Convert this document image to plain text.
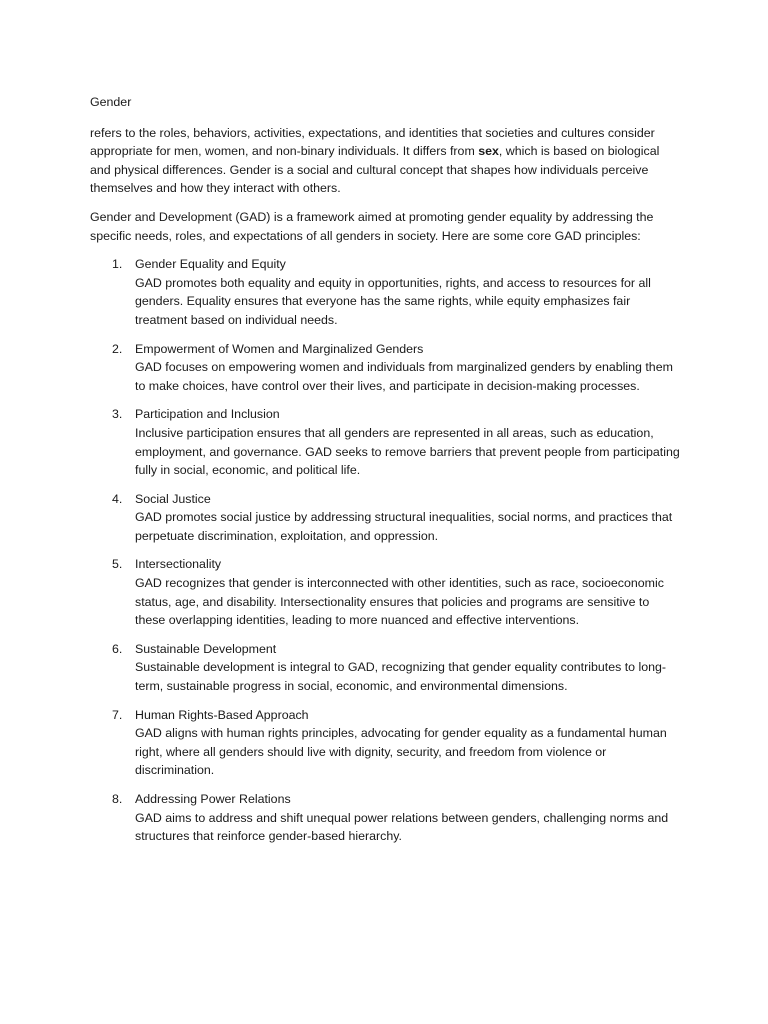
Gender

refers to the roles, behaviors, activities, expectations, and identities that societies and cultures consider appropriate for men, women, and non-binary individuals. It differs from sex, which is based on biological and physical differences. Gender is a social and cultural concept that shapes how individuals perceive themselves and how they interact with others.

Gender and Development (GAD) is a framework aimed at promoting gender equality by addressing the specific needs, roles, and expectations of all genders in society. Here are some core GAD principles:

1. Gender Equality and Equity
GAD promotes both equality and equity in opportunities, rights, and access to resources for all genders. Equality ensures that everyone has the same rights, while equity emphasizes fair treatment based on individual needs.
2. Empowerment of Women and Marginalized Genders
GAD focuses on empowering women and individuals from marginalized genders by enabling them to make choices, have control over their lives, and participate in decision-making processes.
3. Participation and Inclusion
Inclusive participation ensures that all genders are represented in all areas, such as education, employment, and governance. GAD seeks to remove barriers that prevent people from participating fully in social, economic, and political life.
4. Social Justice
GAD promotes social justice by addressing structural inequalities, social norms, and practices that perpetuate discrimination, exploitation, and oppression.
5. Intersectionality
GAD recognizes that gender is interconnected with other identities, such as race, socioeconomic status, age, and disability. Intersectionality ensures that policies and programs are sensitive to these overlapping identities, leading to more nuanced and effective interventions.
6. Sustainable Development
Sustainable development is integral to GAD, recognizing that gender equality contributes to long-term, sustainable progress in social, economic, and environmental dimensions.
7. Human Rights-Based Approach
GAD aligns with human rights principles, advocating for gender equality as a fundamental human right, where all genders should live with dignity, security, and freedom from violence or discrimination.
8. Addressing Power Relations
GAD aims to address and shift unequal power relations between genders, challenging norms and structures that reinforce gender-based hierarchy.
